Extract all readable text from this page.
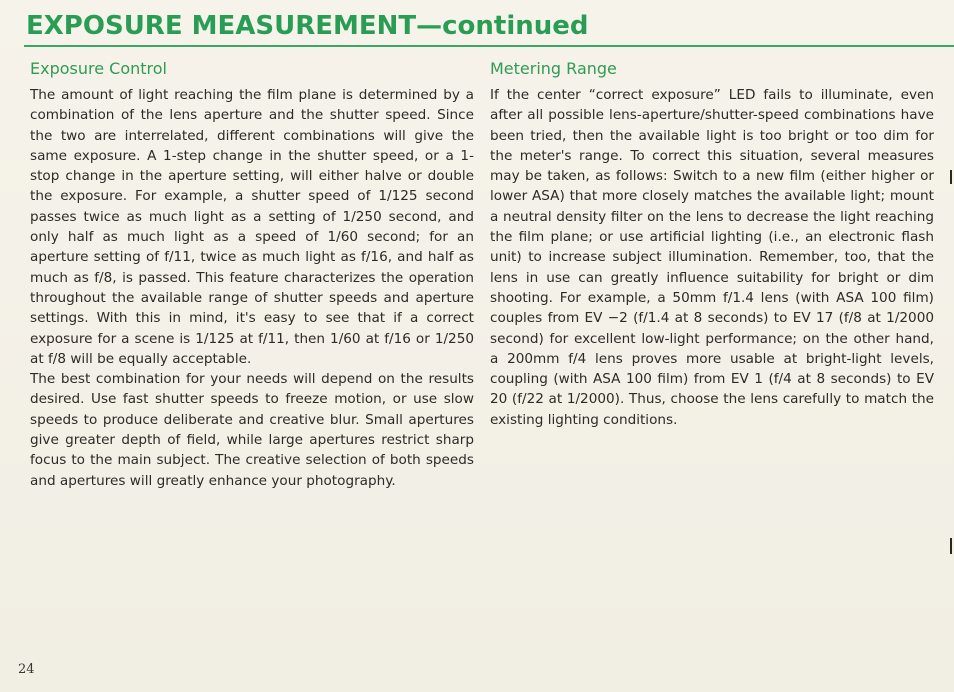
EXPOSURE MEASUREMENT—continued
Exposure Control

The amount of light reaching the film plane is determined by a combination of the lens aperture and the shutter speed. Since the two are interrelated, different combinations will give the same exposure. A 1-step change in the shutter speed, or a 1-stop change in the aperture setting, will either halve or double the exposure. For example, a shutter speed of 1/125 second passes twice as much light as a setting of 1/250 second, and only half as much light as a speed of 1/60 second; for an aperture setting of f/11, twice as much light as f/16, and half as much as f/8, is passed. This feature characterizes the operation throughout the available range of shutter speeds and aperture settings. With this in mind, it's easy to see that if a correct exposure for a scene is 1/125 at f/11, then 1/60 at f/16 or 1/250 at f/8 will be equally acceptable.

The best combination for your needs will depend on the results desired. Use fast shutter speeds to freeze motion, or use slow speeds to produce deliberate and creative blur. Small apertures give greater depth of field, while large apertures restrict sharp focus to the main subject. The creative selection of both speeds and apertures will greatly enhance your photography.

Metering Range

If the center “correct exposure” LED fails to illuminate, even after all possible lens-aperture/shutter-speed combinations have been tried, then the available light is too bright or too dim for the meter's range. To correct this situation, several measures may be taken, as follows: Switch to a new film (either higher or lower ASA) that more closely matches the available light; mount a neutral density filter on the lens to decrease the light reaching the film plane; or use artificial lighting (i.e., an electronic flash unit) to increase subject illumination. Remember, too, that the lens in use can greatly influence suitability for bright or dim shooting. For example, a 50mm f/1.4 lens (with ASA 100 film) couples from EV −2 (f/1.4 at 8 seconds) to EV 17 (f/8 at 1/2000 second) for excellent low-light performance; on the other hand, a 200mm f/4 lens proves more usable at bright-light levels, coupling (with ASA 100 film) from EV 1 (f/4 at 8 seconds) to EV 20 (f/22 at 1/2000). Thus, choose the lens carefully to match the existing lighting conditions.

24
